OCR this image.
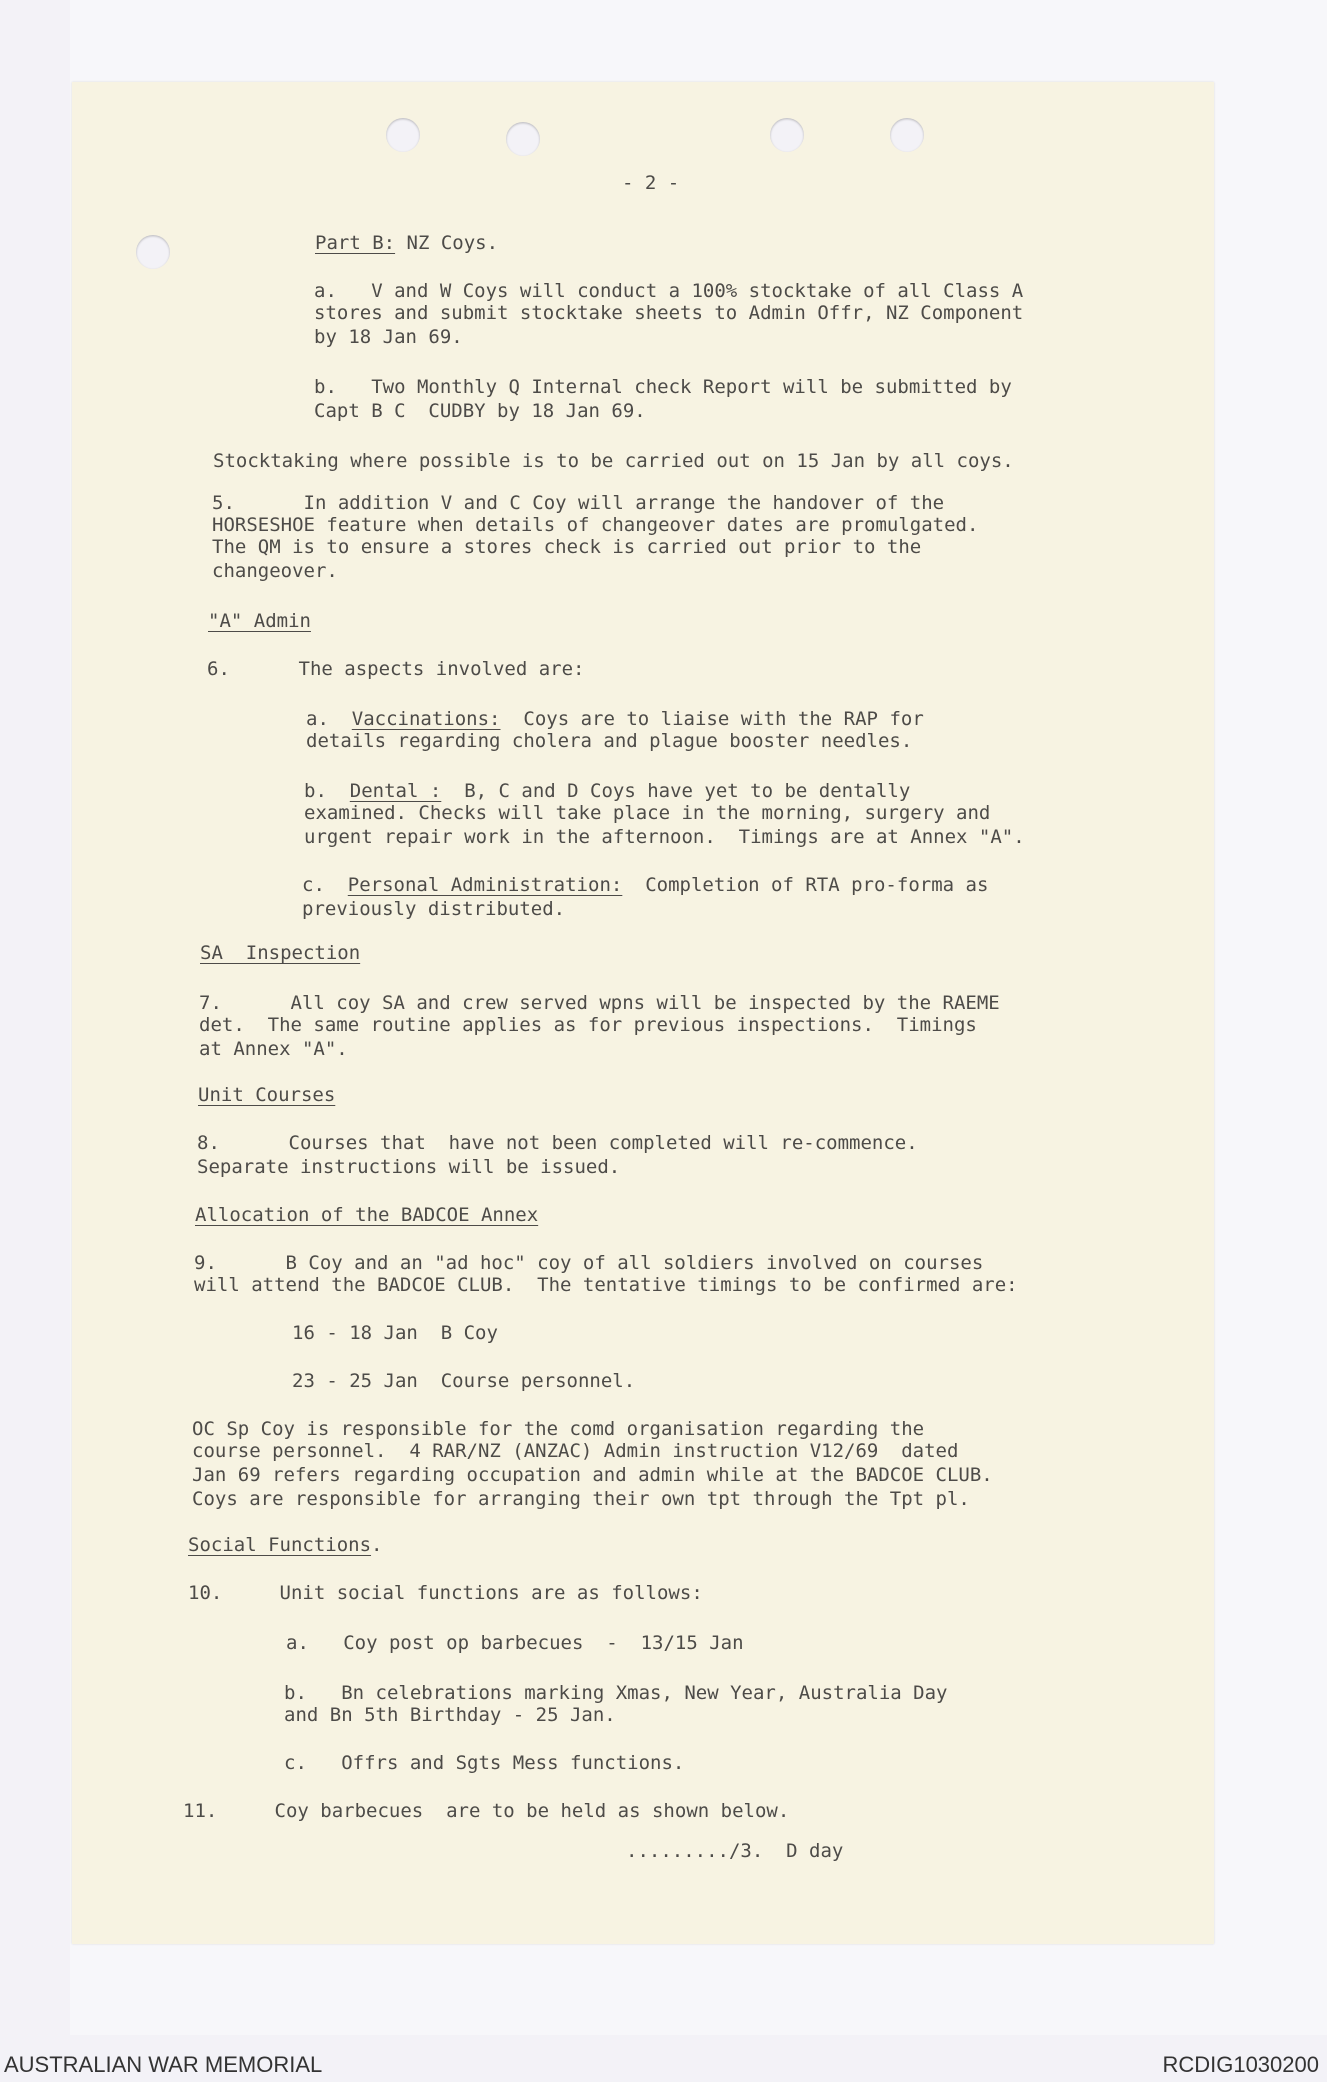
- 2 -
Part B: NZ Coys.
a.   V and W Coys will conduct a 100% stocktake of all Class A
stores and submit stocktake sheets to Admin Offr, NZ Component
by 18 Jan 69.
b.   Two Monthly Q Internal check Report will be submitted by
Capt B C  CUDBY by 18 Jan 69.
Stocktaking where possible is to be carried out on 15 Jan by all coys.
5.      In addition V and C Coy will arrange the handover of the
HORSESHOE feature when details of changeover dates are promulgated.
The QM is to ensure a stores check is carried out prior to the
changeover.
"A" Admin
6.      The aspects involved are:
a. Vaccinations: Coys are to liaise with the RAP for
details regarding cholera and plague booster needles.
b. Dental : B, C and D Coys have yet to be dentally
examined. Checks will take place in the morning, surgery and
urgent repair work in the afternoon.  Timings are at Annex "A".
c. Personal Administration: Completion of RTA pro-forma as
previously distributed.
SA  Inspection
7.      All coy SA and crew served wpns will be inspected by the RAEME
det.  The same routine applies as for previous inspections.  Timings
at Annex "A".
Unit Courses
8.      Courses that  have not been completed will re-commence.
Separate instructions will be issued.
Allocation of the BADCOE Annex
9.      B Coy and an "ad hoc" coy of all soldiers involved on courses
will attend the BADCOE CLUB.  The tentative timings to be confirmed are:
16 - 18 Jan  B Coy
23 - 25 Jan  Course personnel.
OC Sp Coy is responsible for the comd organisation regarding the
course personnel.  4 RAR/NZ (ANZAC) Admin instruction V12/69  dated
Jan 69 refers regarding occupation and admin while at the BADCOE CLUB.
Coys are responsible for arranging their own tpt through the Tpt pl.
Social Functions.
10.     Unit social functions are as follows:
a.   Coy post op barbecues  -  13/15 Jan
b.   Bn celebrations marking Xmas, New Year, Australia Day
and Bn 5th Birthday - 25 Jan.
c.   Offrs and Sgts Mess functions.
11.     Coy barbecues  are to be held as shown below.
........./3.  D day
AUSTRALIAN WAR MEMORIAL	RCDIG1030200
